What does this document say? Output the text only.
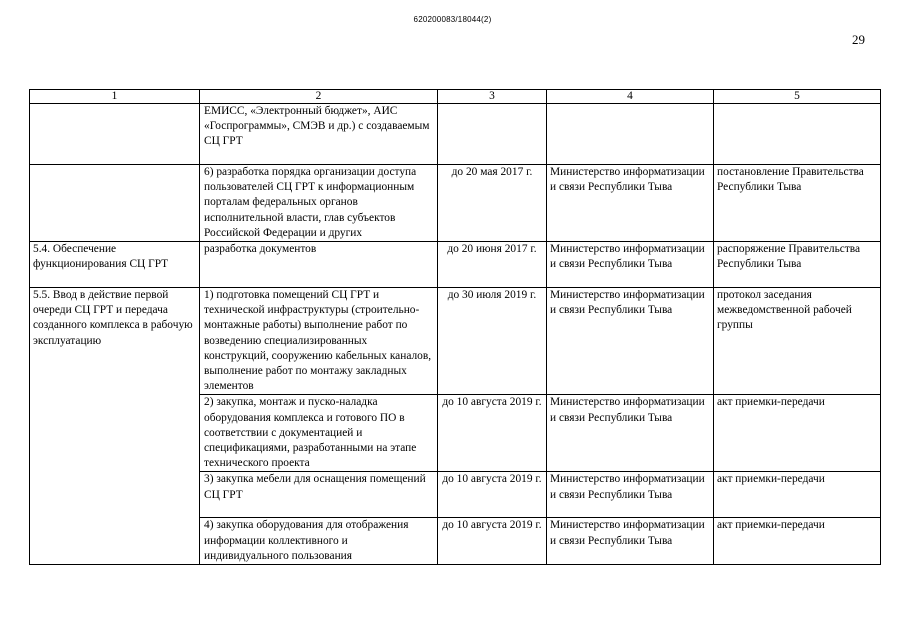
620200083/18044(2)
29
1	2	3	4	5
	ЕМИСС, «Электронный бюджет», АИС «Госпрограммы», СМЭВ и др.) с создаваемым СЦ ГРТ			
	6) разработка порядка организации доступа пользователей СЦ ГРТ к информационным порталам федеральных органов исполнительной власти, глав субъектов Российской Федерации и других	до 20 мая 2017 г.	Министерство информатизации и связи Республики Тыва	постановление Правительства Республики Тыва
5.4. Обеспечение функционирования СЦ ГРТ	разработка документов	до 20 июня 2017 г.	Министерство информатизации и связи Республики Тыва	распоряжение Правительства Республики Тыва
5.5. Ввод в действие первой очереди СЦ ГРТ и передача созданного комплекса в рабочую эксплуатацию	1) подготовка помещений СЦ ГРТ и технической инфраструктуры (строительно-монтажные работы) выполнение работ по возведению специализированных конструкций, сооружению кабельных каналов, выполнение работ по монтажу закладных элементов	до 30 июля 2019 г.	Министерство информатизации и связи Республики Тыва	протокол заседания межведомственной рабочей группы
	2) закупка, монтаж и пуско-наладка оборудования комплекса и готового ПО в соответствии с документацией и спецификациями, разработанными на этапе технического проекта	до 10 августа 2019 г.	Министерство информатизации и связи Республики Тыва	акт приемки-передачи
	3) закупка мебели для оснащения помещений СЦ ГРТ	до 10 августа 2019 г.	Министерство информатизации и связи Республики Тыва	акт приемки-передачи
	4) закупка оборудования для отображения информации коллективного и индивидуального пользования	до 10 августа 2019 г.	Министерство информатизации и связи Республики Тыва	акт приемки-передачи
